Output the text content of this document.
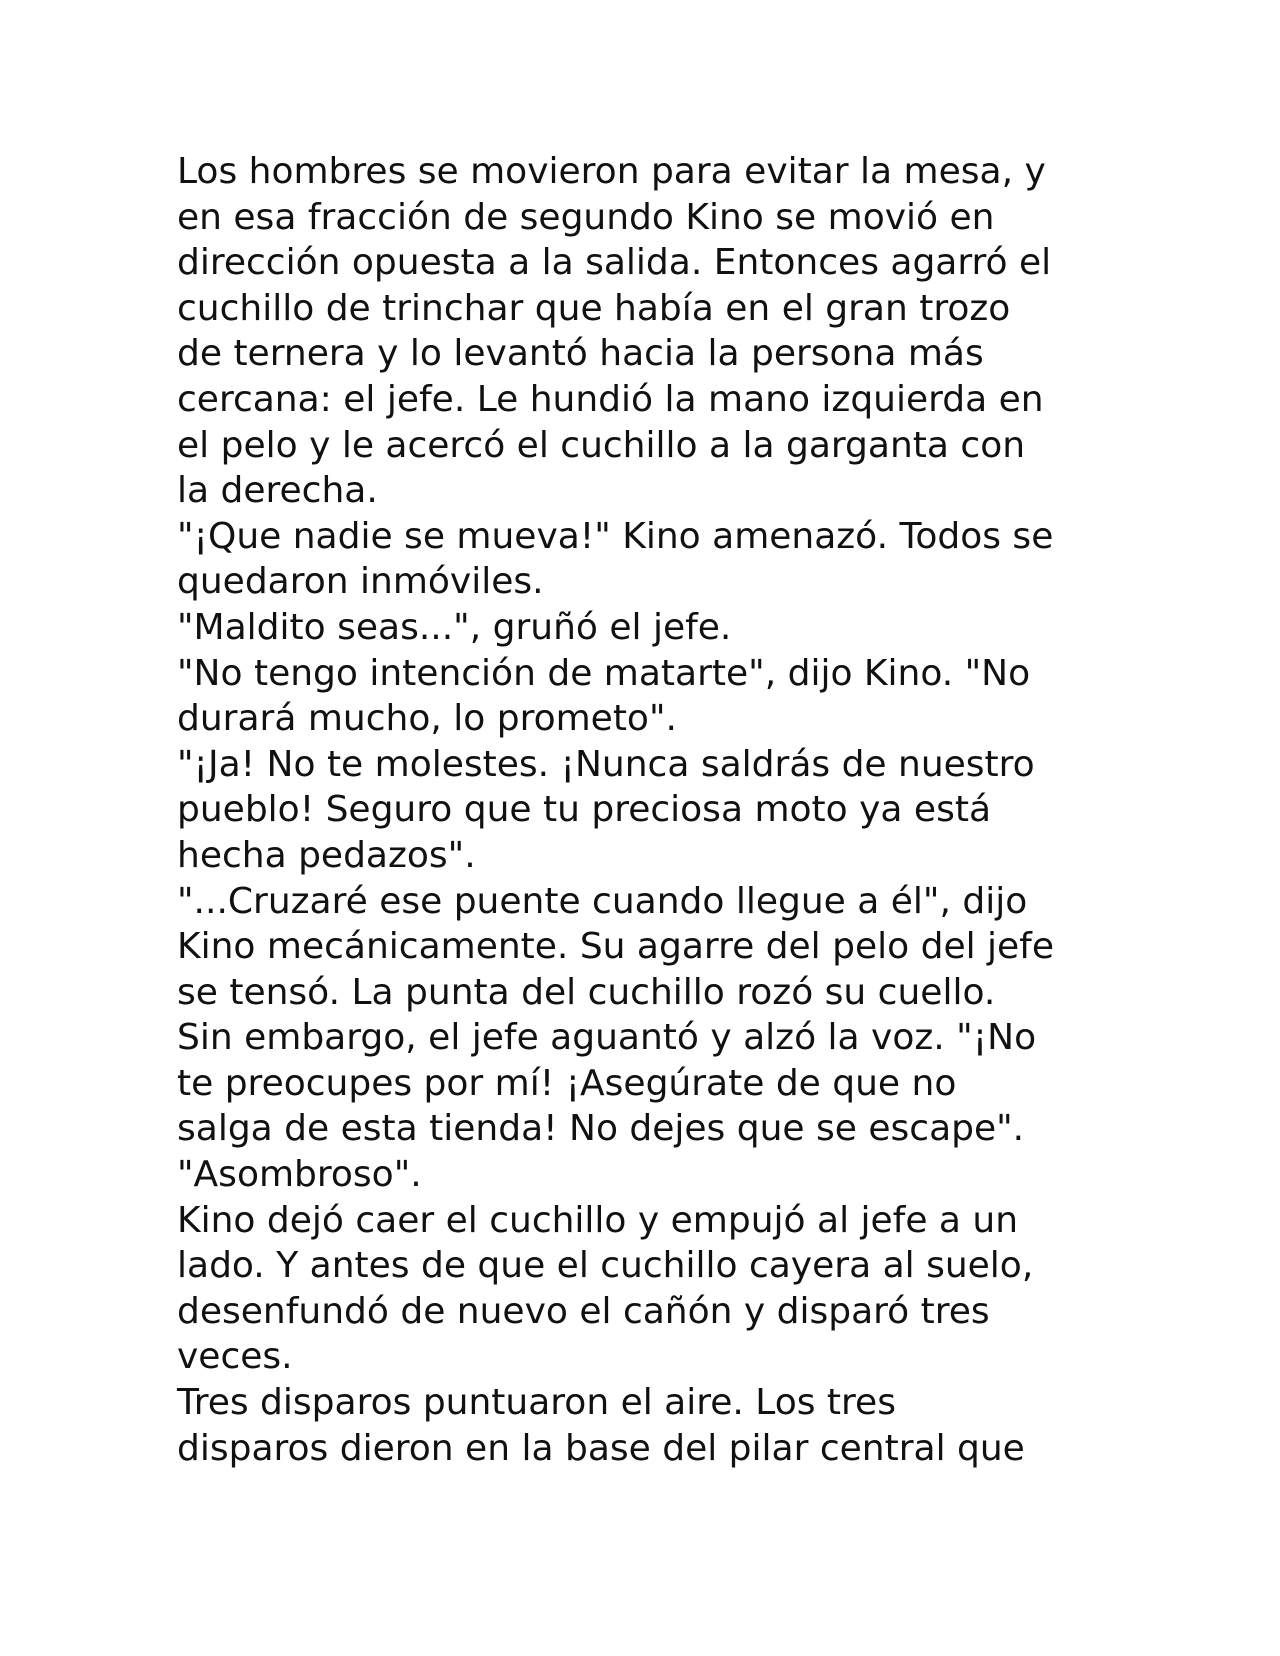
Los hombres se movieron para evitar la mesa, y
en esa fracción de segundo Kino se movió en
dirección opuesta a la salida. Entonces agarró el
cuchillo de trinchar que había en el gran trozo
de ternera y lo levantó hacia la persona más
cercana: el jefe. Le hundió la mano izquierda en
el pelo y le acercó el cuchillo a la garganta con
la derecha.
"¡Que nadie se mueva!" Kino amenazó. Todos se
quedaron inmóviles.
"Maldito seas...", gruñó el jefe.
"No tengo intención de matarte", dijo Kino. "No
durará mucho, lo prometo".
"¡Ja! No te molestes. ¡Nunca saldrás de nuestro
pueblo! Seguro que tu preciosa moto ya está
hecha pedazos".
"...Cruzaré ese puente cuando llegue a él", dijo
Kino mecánicamente. Su agarre del pelo del jefe
se tensó. La punta del cuchillo rozó su cuello.
Sin embargo, el jefe aguantó y alzó la voz. "¡No
te preocupes por mí! ¡Asegúrate de que no
salga de esta tienda! No dejes que se escape".
"Asombroso".
Kino dejó caer el cuchillo y empujó al jefe a un
lado. Y antes de que el cuchillo cayera al suelo,
desenfundó de nuevo el cañón y disparó tres
veces.
Tres disparos puntuaron el aire. Los tres
disparos dieron en la base del pilar central que
